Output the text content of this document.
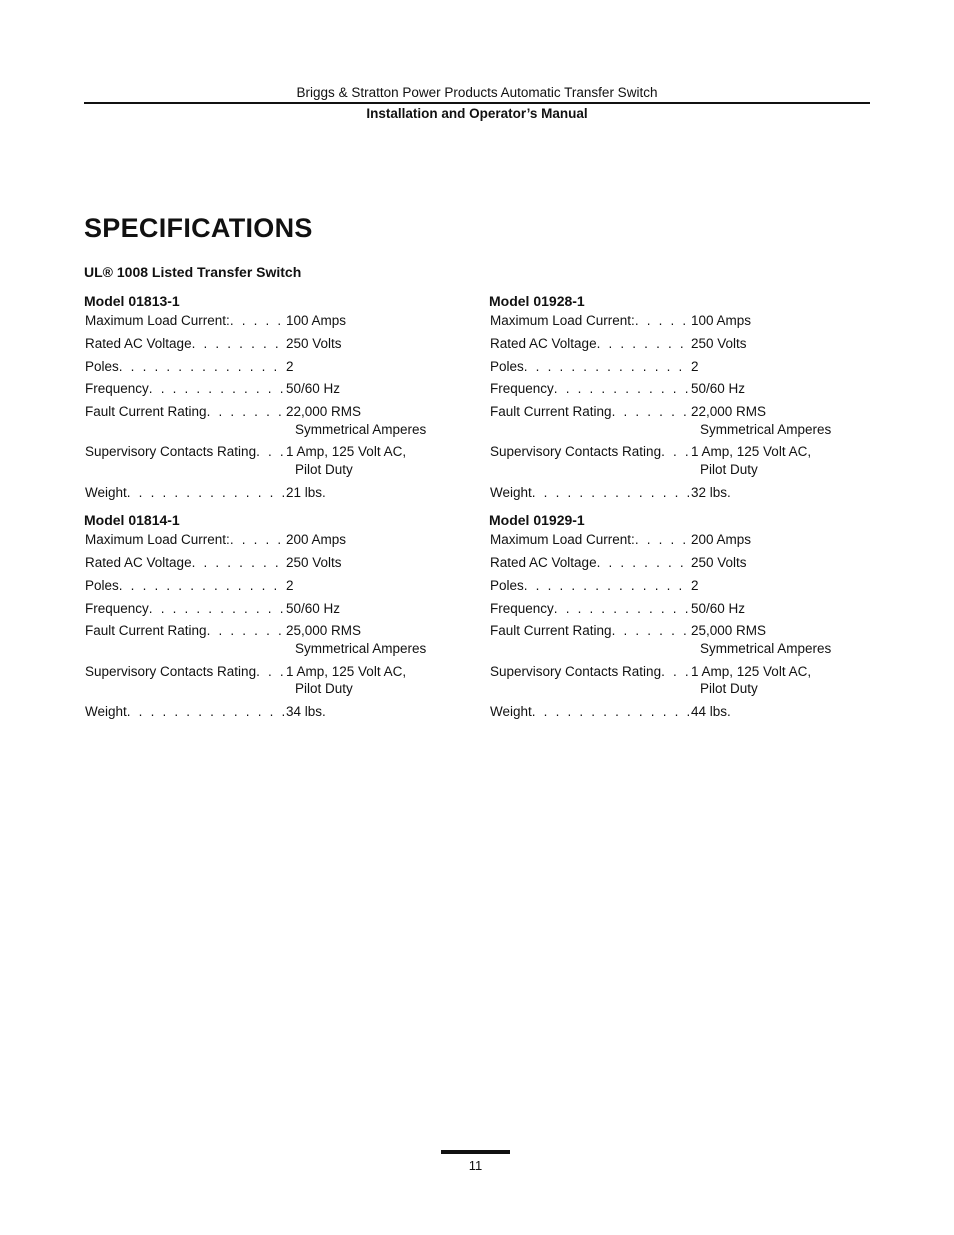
Briggs & Stratton Power Products Automatic Transfer Switch
Installation and Operator’s Manual
SPECIFICATIONS
UL® 1008 Listed Transfer Switch
Model 01813-1
Maximum Load Current: . . .	100 Amps
Rated AC Voltage . . .	250 Volts
Poles . . .	2
Frequency . . .	50/60 Hz
Fault Current Rating . . .	22,000 RMS Symmetrical Amperes
Supervisory Contacts Rating . . . 1 Amp, 125 Volt AC, Pilot Duty
Weight . . .	21 lbs.
Model 01814-1
Maximum Load Current: . . .	200 Amps
Rated AC Voltage . . .	250 Volts
Poles . . .	2
Frequency . . .	50/60 Hz
Fault Current Rating . . .	25,000 RMS Symmetrical Amperes
Supervisory Contacts Rating . . . 1 Amp, 125 Volt AC, Pilot Duty
Weight . . .	34 lbs.
Model 01928-1
Maximum Load Current: . . .	100 Amps
Rated AC Voltage . . .	250 Volts
Poles . . .	2
Frequency . . .	50/60 Hz
Fault Current Rating . . .	22,000 RMS Symmetrical Amperes
Supervisory Contacts Rating . . . 1 Amp, 125 Volt AC, Pilot Duty
Weight . . .	32 lbs.
Model 01929-1
Maximum Load Current: . . .	200 Amps
Rated AC Voltage . . .	250 Volts
Poles . . .	2
Frequency . . .	50/60 Hz
Fault Current Rating . . .	25,000 RMS Symmetrical Amperes
Supervisory Contacts Rating . . . 1 Amp, 125 Volt AC, Pilot Duty
Weight . . .	44 lbs.
11
